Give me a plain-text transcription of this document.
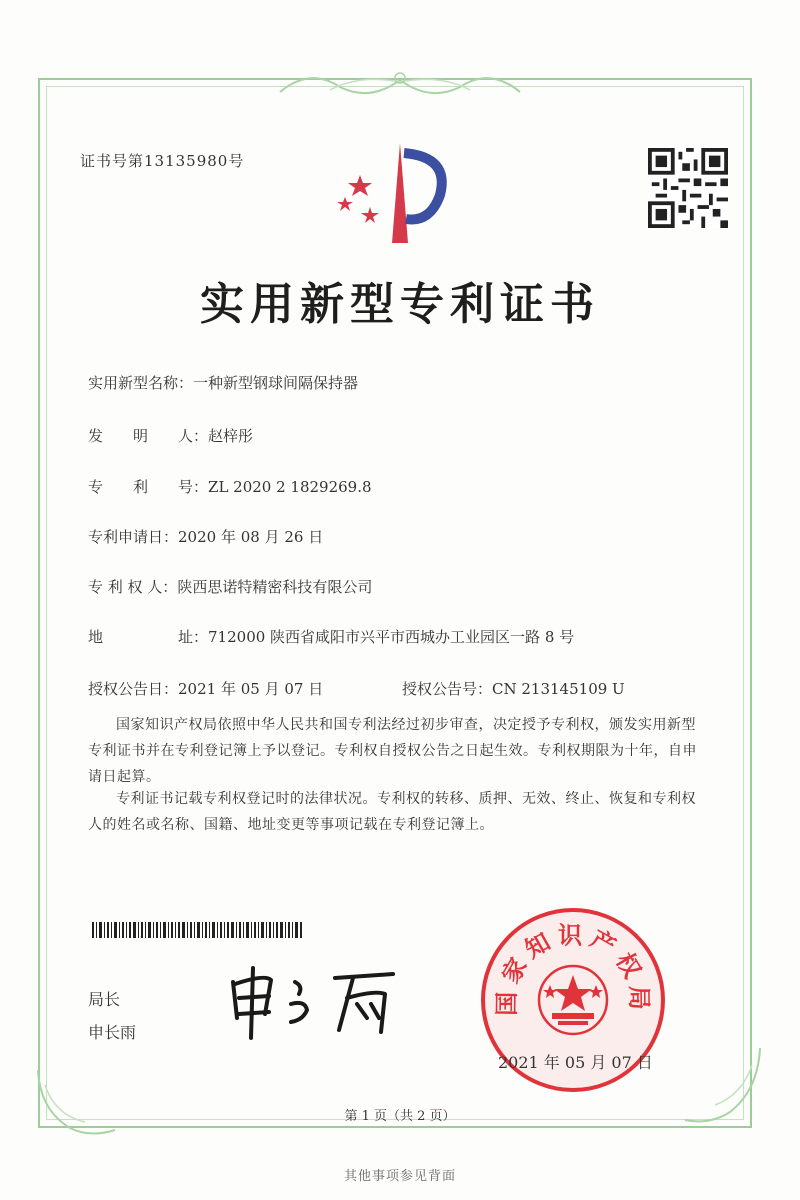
证书号第13135980号
实用新型专利证书
实用新型名称：一种新型钢球间隔保持器
发　　明　　人：赵梓彤
专　　利　　号：ZL 2020 2 1829269.8
专利申请日：2020 年 08 月 26 日
专 利 权 人：陕西思诺特精密科技有限公司
地　　　　　址：712000 陕西省咸阳市兴平市西城办工业园区一路 8 号
授权公告日：2021 年 05 月 07 日	授权公告号：CN 213145109 U
国家知识产权局依照中华人民共和国专利法经过初步审查，决定授予专利权，颁发实用新型专利证书并在专利登记簿上予以登记。专利权自授权公告之日起生效。专利权期限为十年，自申请日起算。
专利证书记载专利权登记时的法律状况。专利权的转移、质押、无效、终止、恢复和专利权人的姓名或名称、国籍、地址变更等事项记载在专利登记簿上。
局长
申长雨
国家知识产权局
2021 年 05 月 07 日
第 1 页（共 2 页）
其他事项参见背面
